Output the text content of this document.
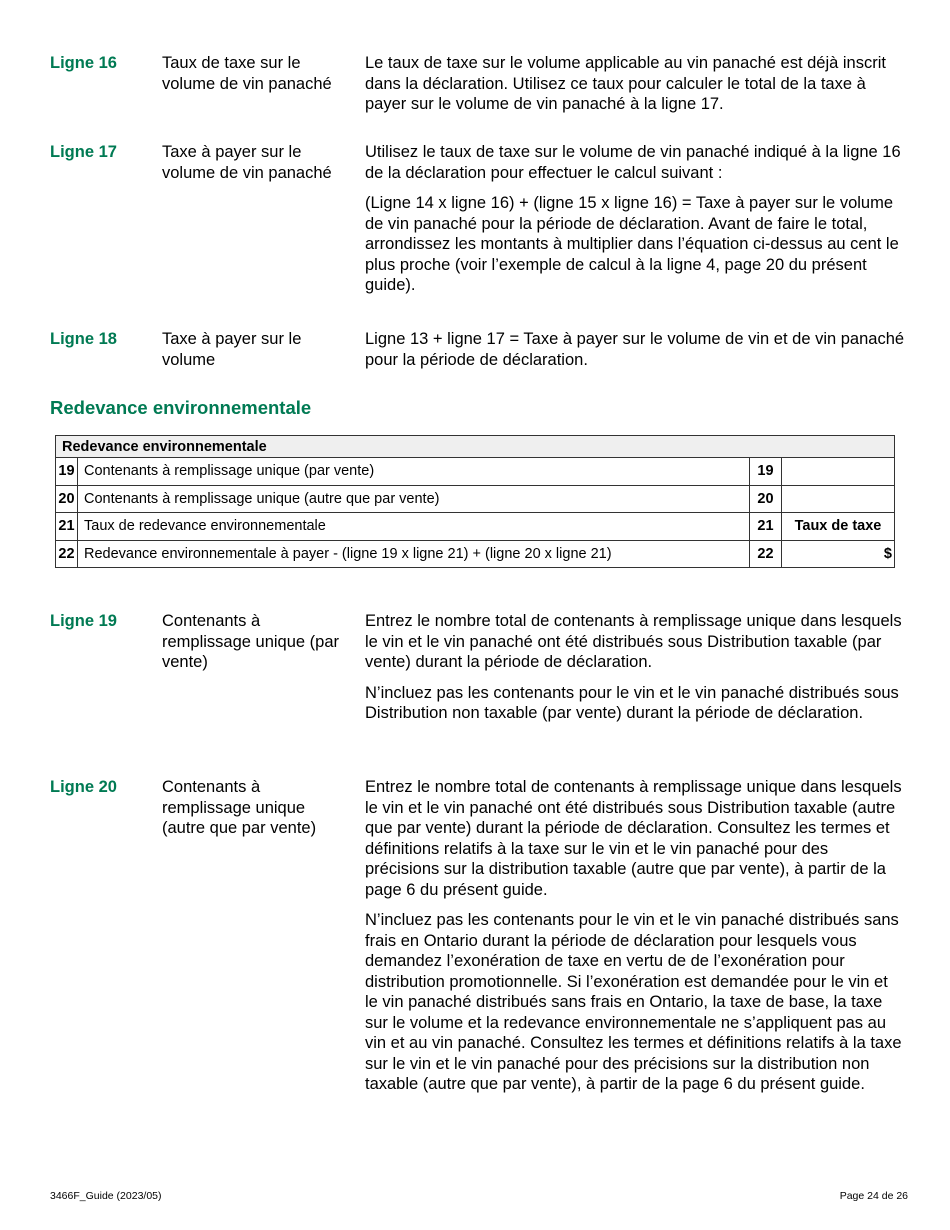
Ligne 16	Taux de taxe sur le volume de vin panaché

Le taux de taxe sur le volume applicable au vin panaché est déjà inscrit dans la déclaration. Utilisez ce taux pour calculer le total de la taxe à payer sur le volume de vin panaché à la ligne 17.

Ligne 17	Taxe à payer sur le volume de vin panaché

Utilisez le taux de taxe sur le volume de vin panaché indiqué à la ligne 16 de la déclaration pour effectuer le calcul suivant :

(Ligne 14 x ligne 16) + (ligne 15 x ligne 16) = Taxe à payer sur le volume de vin panaché pour la période de déclaration. Avant de faire le total, arrondissez les montants à multiplier dans l’équation ci-dessus au cent le plus proche (voir l’exemple de calcul à la ligne 4, page 20 du présent guide).

Ligne 18	Taxe à payer sur le volume

Ligne 13 + ligne 17 = Taxe à payer sur le volume de vin et de vin panaché pour la période de déclaration.

Redevance environnementale
Redevance environnementale			
19	Contenants à remplissage unique (par vente)	19	
20	Contenants à remplissage unique (autre que par vente)	20	
21	Taux de redevance environnementale	21	Taux de taxe
22	Redevance environnementale à payer - (ligne 19 x ligne 21) + (ligne 20 x ligne 21)	22	$
Ligne 19	Contenants à remplissage unique (par vente)

Entrez le nombre total de contenants à remplissage unique dans lesquels le vin et le vin panaché ont été distribués sous Distribution taxable (par vente) durant la période de déclaration.

N’incluez pas les contenants pour le vin et le vin panaché distribués sous Distribution non taxable (par vente) durant la période de déclaration.

Ligne 20	Contenants à remplissage unique (autre que par vente)

Entrez le nombre total de contenants à remplissage unique dans lesquels le vin et le vin panaché ont été distribués sous Distribution taxable (autre que par vente) durant la période de déclaration. Consultez les termes et définitions relatifs à la taxe sur le vin et le vin panaché pour des précisions sur la distribution taxable (autre que par vente), à partir de la page 6 du présent guide.

N’incluez pas les contenants pour le vin et le vin panaché distribués sans frais en Ontario durant la période de déclaration pour lesquels vous demandez l’exonération de taxe en vertu de de l’exonération pour distribution promotionnelle. Si l’exonération est demandée pour le vin et le vin panaché distribués sans frais en Ontario, la taxe de base, la taxe sur le volume et la redevance environnementale ne s’appliquent pas au vin et au vin panaché. Consultez les termes et définitions relatifs à la taxe sur le vin et le vin panaché pour des précisions sur la distribution non taxable (autre que par vente), à partir de la page 6 du présent guide.

3466F_Guide (2023/05)	Page 24 de 26
